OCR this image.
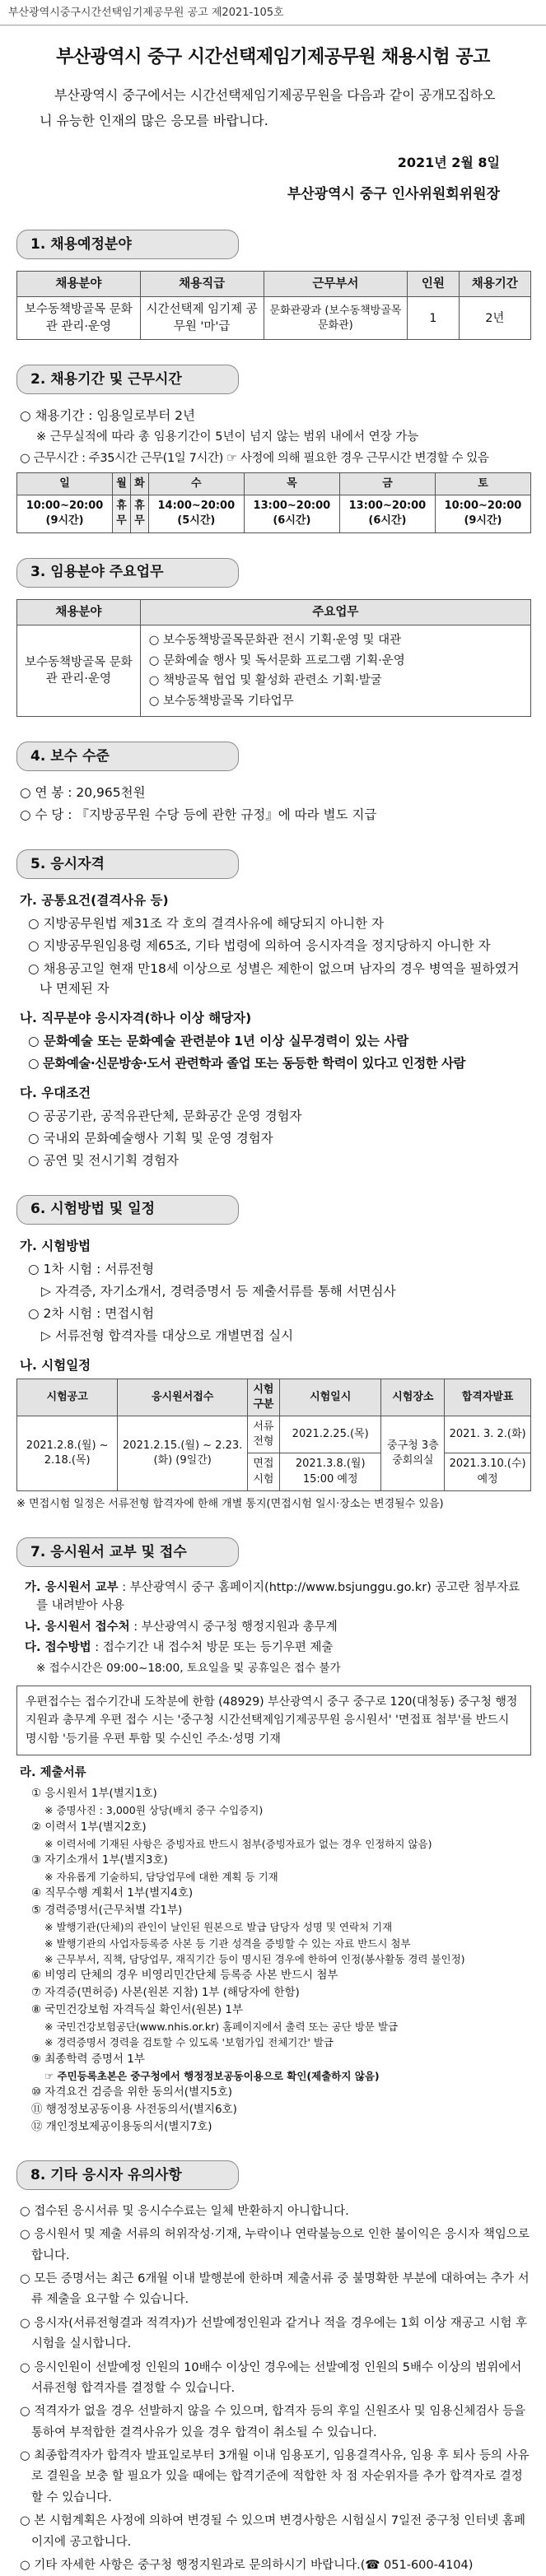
부산광역시중구시간선택임기제공무원 공고 제2021-105호
부산광역시 중구 시간선택제임기제공무원 채용시험 공고
부산광역시 중구에서는 시간선택제임기제공무원을 다음과 같이 공개모집하오니 유능한 인재의 많은 응모를 바랍니다.
2021년 2월 8일
부산광역시 중구 인사위원회위원장
1. 채용예정분야
채용분야	채용직급	근무부서	인원	채용기간
보수동책방골목 문화관 관리·운영	시간선택제 임기제 공무원 '마'급	문화관광과 (보수동책방골목문화관)	1	2년
2. 채용기간 및 근무시간
○ 채용기간 : 임용일로부터 2년
※ 근무실적에 따라 총 임용기간이 5년이 넘지 않는 범위 내에서 연장 가능
○ 근무시간 : 주35시간 근무(1일 7시간) ☞ 사정에 의해 필요한 경우 근무시간 변경할 수 있음
일	월	화	수	목	금	토
10:00~20:00 (9시간)	휴무	휴무	14:00~20:00 (5시간)	13:00~20:00 (6시간)	13:00~20:00 (6시간)	10:00~20:00 (9시간)
3. 임용분야 주요업무
채용분야	주요업무
보수동책방골목 문화관 관리·운영	○ 보수동책방골목문화관 전시 기획·운영 및 대관
○ 문화예술 행사 및 독서문화 프로그램 기획·운영
○ 책방골목 협업 및 활성화 관련소 기획·발굴
○ 보수동책방골목 기타업무
4. 보수 수준
○ 연 봉 : 20,965천원
○ 수 당 : 『지방공무원 수당 등에 관한 규정』에 따라 별도 지급
5. 응시자격
가. 공통요건(결격사유 등)
○ 지방공무원법 제31조 각 호의 결격사유에 해당되지 아니한 자
○ 지방공무원임용령 제65조, 기타 법령에 의하여 응시자격을 정지당하지 아니한 자
○ 채용공고일 현재 만18세 이상으로 성별은 제한이 없으며 남자의 경우 병역을 필하였거나 면제된 자
나. 직무분야 응시자격(하나 이상 해당자)
○ 문화예술 또는 문화예술 관련분야 1년 이상 실무경력이 있는 사람
○ 문화예술·신문방송·도서 관련학과 졸업 또는 동등한 학력이 있다고 인정한 사람
다. 우대조건
○ 공공기관, 공적유관단체, 문화공간 운영 경험자
○ 국내외 문화예술행사 기획 및 운영 경험자
○ 공연 및 전시기획 경험자
6. 시험방법 및 일정
가. 시험방법
○ 1차 시험 : 서류전형
▷ 자격증, 자기소개서, 경력증명서 등 제출서류를 통해 서면심사
○ 2차 시험 : 면접시험
▷ 서류전형 합격자를 대상으로 개별면접 실시
나. 시험일정
시험공고	응시원서접수	시험구분	시험일시	시험장소	합격자발표
2021.2.8.(월) ~ 2.18.(목)	2021.2.15.(월) ~ 2.23.(화) (9일간)	서류전형	2021.2.25.(목)	중구청 3층 중회의실	2021. 3. 2.(화)
		면접시험	2021.3.8.(월) 15:00 예정		2021.3.10.(수) 예정
※ 면접시험 일정은 서류전형 합격자에 한해 개별 통지(면접시험 일시·장소는 변경될수 있음)
7. 응시원서 교부 및 접수
가. 응시원서 교부 : 부산광역시 중구 홈페이지(http://www.bsjunggu.go.kr) 공고란 첨부자료를 내려받아 사용
나. 응시원서 접수처 : 부산광역시 중구청 행정지원과 총무계
다. 접수방법 : 접수기간 내 접수처 방문 또는 등기우편 제출
※ 접수시간은 09:00~18:00, 토요일을 및 공휴일은 접수 불가
우편접수는 접수기간내 도착분에 한함 (48929) 부산광역시 중구 중구로 120(대청동) 중구청 행정지원과 총무계 우편 접수 시는 '중구청 시간선택제임기제공무원 응시원서' '면접표 첨부'를 반드시 명시함 '등기를 우편 투함 및 수신인 주소·성명 기재
라. 제출서류
① 응시원서 1부(별지1호)
※ 증명사진 : 3,000원 상당(배치 중구 수입증지)
② 이력서 1부(별지2호)
※ 이력서에 기재된 사항은 증빙자료 반드시 첨부(증빙자료가 없는 경우 인정하지 않음)
③ 자기소개서 1부(별지3호)
※ 자유롭게 기술하되, 담당업무에 대한 계획 등 기재
④ 직무수행 계획서 1부(별지4호)
⑤ 경력증명서(근무처별 각1부)
※ 발행기관(단체)의 관인이 날인된 원본으로 발급 담당자 성명 및 연락처 기재
※ 발행기관의 사업자등록증 사본 등 기관 성격을 증빙할 수 있는 자료 반드시 첨부
※ 근무부서, 직책, 담당업무, 재직기간 등이 명시된 경우에 한하여 인정(봉사활동 경력 불인정)
⑥ 비영리 단체의 경우 비영리민간단체 등록증 사본 반드시 첨부
⑦ 자격증(면허증) 사본(원본 지참) 1부 (해당자에 한함)
⑧ 국민건강보험 자격득실 확인서(원본) 1부
※ 국민건강보험공단(www.nhis.or.kr) 홈페이지에서 출력 또는 공단 방문 발급
※ 경력증명서 경력을 검토할 수 있도록 '보험가입 전체기간' 발급
⑨ 최종학력 증명서 1부
☞ 주민등록초본은 중구청에서 행정정보공동이용으로 확인(제출하지 않음)
⑩ 자격요건 검증을 위한 동의서(별지5호)
⑪ 행정정보공동이용 사전동의서(별지6호)
⑫ 개인정보제공이용동의서(별지7호)
8. 기타 응시자 유의사항
○ 접수된 응시서류 및 응시수수료는 일체 반환하지 아니합니다.
○ 응시원서 및 제출 서류의 허위작성·기재, 누락이나 연락불능으로 인한 불이익은 응시자 책임으로 합니다.
○ 모든 증명서는 최근 6개월 이내 발행분에 한하며 제출서류 중 불명확한 부분에 대하여는 추가 서류 제출을 요구할 수 있습니다.
○ 응시자(서류전형결과 적격자)가 선발예정인원과 같거나 적을 경우에는 1회 이상 재공고 시험 후 시험을 실시합니다.
○ 응시인원이 선발예정 인원의 10배수 이상인 경우에는 선발예정 인원의 5배수 이상의 범위에서 서류전형 합격자를 결정할 수 있습니다.
○ 적격자가 없을 경우 선발하지 않을 수 있으며, 합격자 등의 후일 신원조사 및 임용신체검사 등을 통하여 부적합한 결격사유가 있을 경우 합격이 취소될 수 있습니다.
○ 최종합격자가 합격자 발표일로부터 3개월 이내 임용포기, 임용결격사유, 임용 후 퇴사 등의 사유로 결원을 보충 할 필요가 있을 때에는 합격기준에 적합한 차 점 자순위자를 추가 합격자로 결정할 수 있습니다.
○ 본 시험계획은 사정에 의하여 변경될 수 있으며 변경사항은 시험실시 7일전 중구청 인터넷 홈페이지에 공고합니다.
○ 기타 자세한 사항은 중구청 행정지원과로 문의하시기 바랍니다.(☎ 051-600-4104)
